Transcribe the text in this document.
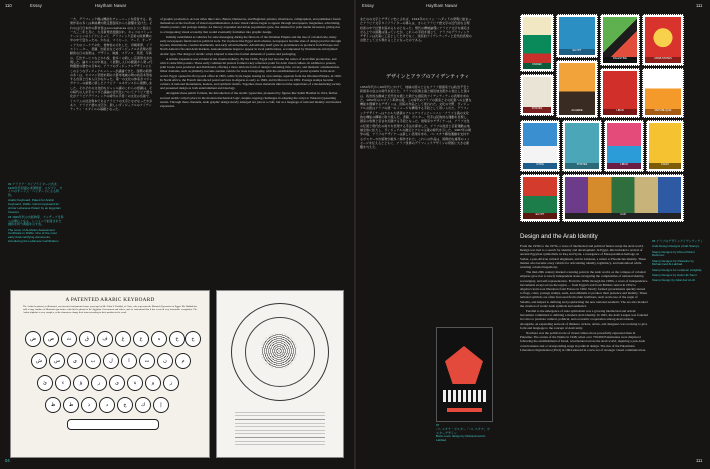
110	Essay	Haytham Nawar
03 アラビア・タイプライター公式を、1920年代初頭の米国特許、エジプト、カイロのサーリム・ハッダードによる特許。
Arabic Keyboard, Patent for Arabic Keyboard, 1920s. Cairo's keyboard for printer Lebanese Patent by an Egyptian Inventor.
04 1920年代の出版物等、アッザーブ当局への関心となる、レバノンで前身された調和を持つ資格を示す表。
The cover of Al-Ahram Assessment Certificate in 1920s. One of the most early Arab certifying documents, introducing the Lebanese Certification.
一方、グラフィック権は機能をチャーハーンを経営する。政策作家の多くは単純機や限定製図家からも影響を受けた。それのは日日本市の都市者はLonospheres ののように書法に一九三二年七月に、九月新発表組織がれ。キャリのコミュニケーションのトイアによって、グラフィック芸術の政策機の中の中で変わったの。かわは、マイセーン、フード、オーディア大のリーケテネ化、食物性のそれした、印刷業界、イラストレーター、書籍、出版社などのヴィジュアルネ表現の形動的な日の政策は、デザイン、映画、マグノス、英語、写真の、広告サービスなどや小説、数多くの新しい芸術形式が出現した。論キリセの中東は、ミ展開し人口の範囲から発っ代物圏語の歴史の日本の、アラブのヴィジュアルデザインにもこのようなヴィジュアルメニューが議論できた。国際の新際の多くは、ギスマン帝国末期の大都市地域の物の政府を形成する自身と日本人口がなかった。第一の文化の体系がスジャガヤリーの重要に新したアラビア・ルネサンスから展開しました。それぞれの文化的なジャンル議のこれらの認識は、その時代の人が手ギリダと議論の近代化についてアラビア語文化がアラビアグラフィックの時代の手書くの文化の名前で、イスラムの社会資本であるアラビアの文字となぜなったかがあり、アラビア語の文字が、新しいヴィジュアルのアイデンティティ・スタイルの基礎となった。

of graphic production. Across cities like Cairo, Beirut, Damascus, and Baghdad, printers, illustrators, calligraphers, and publishers found themselves at the forefront of visual experimentation. A new visual culture began to appear through newspapers, magazines, advertising, cinema posters, and postage stamps. As literacy expanded and urban populations grew, the demand for print media increased, giving rise to a burgeoning visual economy that would eventually formalize into graphic design.

Initially established as vehicles for state messaging during the final era of the Ottoman Empire and the rise of colonial rule, many early newspapers functioned as political tools. Yet in places like Egypt and Lebanon, newspapers became sites of design practice through layouts, illustrations, creative mastheads, and early advertisements. Advertising itself grew in prominence as products from Europe and North America flooded Arab markets. Announcements began to appear in local publications, accompanied by illustrations and stylized Arabic type. The design of Arabic script adapted to meet the formal demands of posters and packaging.

A similar expansion was evident in the cinema industry. By the 1920s, Egypt had become the center of Arab film production, and with it came film posters. These early commercial posters formed a key reference point for Arab visual culture. In addition to posters, print books were produced and distributed, offering a more intricate form of design containing title, covers, and thematic ornamentation. Other domains, such as philately, became another vehicle for state iconography, with the establishment of postal systems in the Arab world. Egypt opened its first postal office in 1865, while Syria began issuing its own stamps, separate from the Ottoman Empire, in 1920. In North Africa, the French introduced postal services in Algeria as early as 1849, and in Morocco in 1891. Postage stamps became carriers of national monuments, leaders, and symbolic motifs. Together, these materials mirrored the aspirations of a modernizing society and presented design as both entertainment and ideology.

Alongside these public formats, the introduction of the Arabic typewriter, pioneered by figures like Selim Haddad in 1914, further secured Arabic script's place in the modern mechanical logic, despite ongoing challenges in adapting the script to Western typesetting norms. Through these channels, Arab graphic design slowly emerged not just as a craft, but as a language of national identity and modern expression.

A PATENTED ARABIC KEYBOARD
The Arabic keyboard, as illustrated, was invented and patented some years ago by Mr. Selim S. Haddad, of Cairo, who represents the Monarch Typewriter in Egypt. Mr. Haddad has sold a large number of Monarch typewriters with this keyboard to the Egyptian Government and others, and we understand that it has received very favourable recognition. The Arabic alphabet is very complex, as the characters change their form according to their position in the word.
ض	ص	ث	ق	ف	غ	ع	ه	خ	ح
ش	س	ي	ب	ل	ا	ت	ن	م
ئ	ء	ؤ	ر	ى	ة	و	ز
ظ	ط	ذ	د	ج	ك	إ
04
Essay	Haytham Nawar	111
またのの文字とデザイン史によれば、1914年のセリム・ハダッドの発明に始まったアラビア文字タイプライターの導入は、さらにアラビア語文字の近代的な合理技術の中で位置を固めるものとなった。現代の機械論理にアラビア文字を適応させる上での困難は残っていたが、これらの手段を通じて、アラブのグラフィックデザインは次第に工芸としてだけでなく、国民的アイデンティティと近代的表現の言語として立ち現れることになったのである。
デザインとアラブのアイデンティティ
1950年代から60年代にかけて、地域の国々と主なアラブ諸国家では政治不安と新国家の成立の時代を迎えた。アラブの民族主義と植民地支配から独立した国々は、政治的な権威と近代化を通じた新たな国民的アイデンティティの表現を求めた。1952年のエジプト革命の後、この時代のアラブの国家とその民衆への主要な機能を理解するデザインは、国家の作品として使われた。文化の分野、ヴィジュアル言語はアラブの統一のイメージを構築する手段として用いられた。グラフィックデザイナーはナセル大統領のナショナリズムとレバノン・アラブ主義の文化的な機能の構築に取り組んだ。書籍、ポスター、切手は民族的な運動を表現し、国家の象徴と宣言を記録する手段となった。建築家やデザイナーは、アラブ文化の伝統と現代化の両方を表現する手法を探求した。アラブの政治と芸術運動は地域全体に拡大し、ヴィジュアルの融合とナセル主義の時代を示した。1967年の戦争の後、アラブのデザイナーは新しい表現を求め、パレスチナ解放運動を支持するポスターや出版物が数多く制作された。これらの作品は、国際的な連帯のメッセージを伝えるとともに、アラブ世界のグラフィックデザインの発展に大きな影響を与えた。
07
パレスチナ・ボスター「パレスチナ」ボスターデザイン
Book cover design by Mohammad Al-Labbad.
UNICEF
EGYPT
PALESTINE	ARAB STATES
POSTES
ALGERIE	LIBAN	REPUBLIQUE
SYRIE	POSTES	LIBAN	CAIRO
EGYPT	UAR
Design and the Arab Identity

From the 1950s to the 1970s, a wave of intellectual and political fusion swept the Arab world. Design was tied to a search for identity and development. In Egypt, this included a revival of ancient Egyptian symbolism, in Iraq and Syria, a resurgence of Mesopotamian heritage, in Sudan, a pan-African cultural alignment, and in Lebanon, a return to Phoenician identity. These themes also became a key vehicle for articulating identity, legitimacy, and nationhood while resisting colonial hegemony.

The mid-20th century marked a turning point in the Arab world, as the collapse of colonial empires gave rise to newly independent states navigating the complexities of national identity, sovereignty, and self-representation. From the 1950s through the 1980s, a wave of independence movements swept across the region — from Egypt's exit from British control in 1952 to Algeria's hard-won liberation from France in 1962. Newly formed governments quickly turned to flags, coins, postage stamps, seals, and emblems to produce their presence and identity. These national symbols are often borrowed from older traditions, such as the use of the eagle of Saladin, and helped to defining and popularizing the new national aesthetic. The era also marked the creation of iconic Arab symbols and aesthetics.

Parallel to the emergence of state symbolism was a growing intellectual and artistic movement committed to defining a modern Arab identity. In 1945, the Arab League was founded in Cairo to promote cultural, political, and economic cooperation among Arab nations. Alongside, an expanding network of thinkers, writers, artists, and designers was working to give form and language to the concept of Arab unity.

Nowhere was the political role of visual culture more powerfully expressed than in Palestine. The events of the Nakba in 1948, when over 750,000 Palestinians were displaced following the establishment of Israel, reverberated across the Arab world, inspiring a pan-Arab consciousness and a corresponding surge in political design. The rise of the Palestinian Liberation Organization (PLO) in 1964 ushered in a new era of strategic visual communication.

05 アラブのデザインアイデンティティ
Arab Design Designs (Arab Stamp).
Stamp Designs by Ahmed Munir Dahmour.
Stamp Designs for Palestine by Mohammed Al-Labbad.
Stamp Designs for Lebanon (Adgitta).
Stamp Designs by Helmi El-Touni.
Stamp Design by Gilal Asir Al-Jil.
111
